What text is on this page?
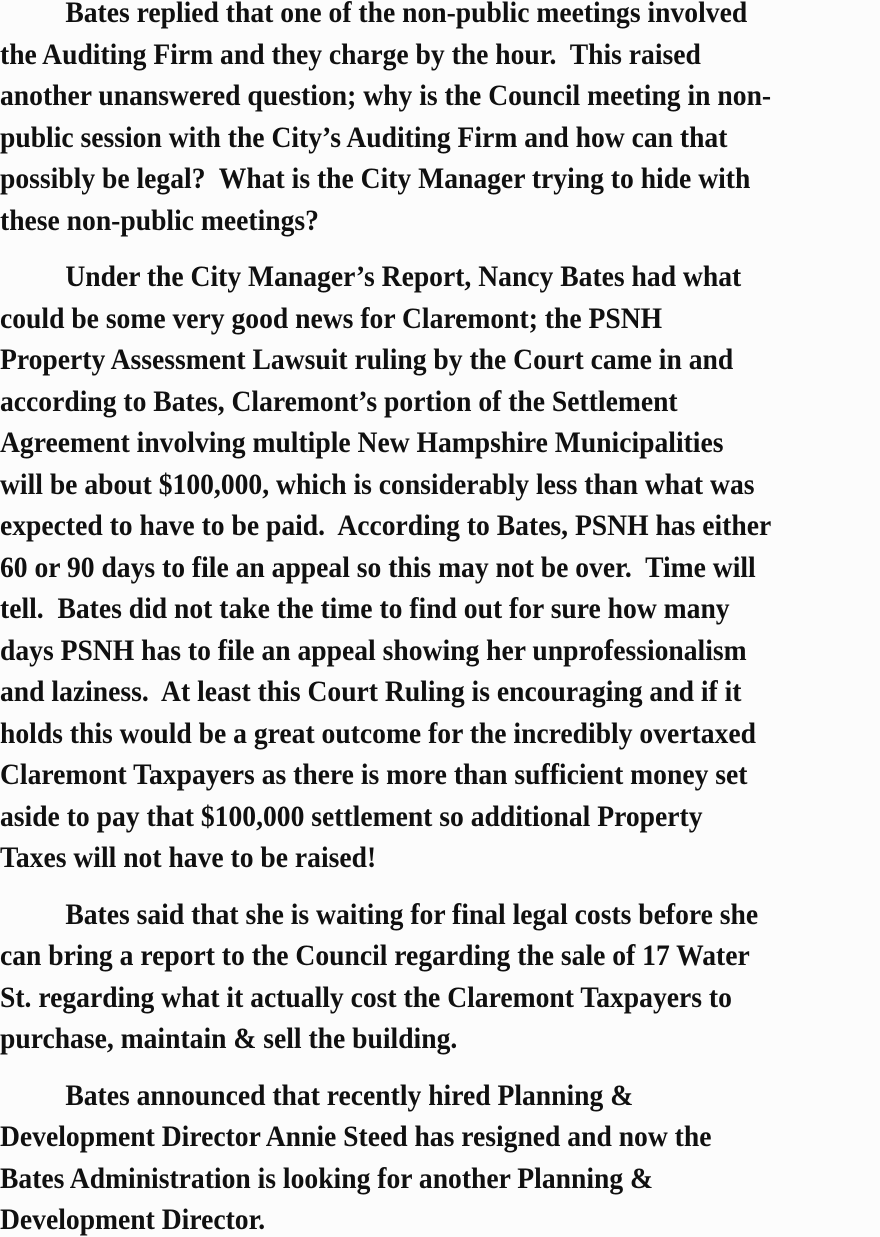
Bates replied that one of the non-public meetings involved
the Auditing Firm and they charge by the hour.  This raised
another unanswered question; why is the Council meeting in non-
public session with the City’s Auditing Firm and how can that
possibly be legal?  What is the City Manager trying to hide with
these non-public meetings?
Under the City Manager’s Report, Nancy Bates had what
could be some very good news for Claremont; the PSNH
Property Assessment Lawsuit ruling by the Court came in and
according to Bates, Claremont’s portion of the Settlement
Agreement involving multiple New Hampshire Municipalities
will be about $100,000, which is considerably less than what was
expected to have to be paid.  According to Bates, PSNH has either
60 or 90 days to file an appeal so this may not be over.  Time will
tell.  Bates did not take the time to find out for sure how many
days PSNH has to file an appeal showing her unprofessionalism
and laziness.  At least this Court Ruling is encouraging and if it
holds this would be a great outcome for the incredibly overtaxed
Claremont Taxpayers as there is more than sufficient money set
aside to pay that $100,000 settlement so additional Property
Taxes will not have to be raised!
Bates said that she is waiting for final legal costs before she
can bring a report to the Council regarding the sale of 17 Water
St. regarding what it actually cost the Claremont Taxpayers to
purchase, maintain & sell the building.
Bates announced that recently hired Planning &
Development Director Annie Steed has resigned and now the
Bates Administration is looking for another Planning &
Development Director.
